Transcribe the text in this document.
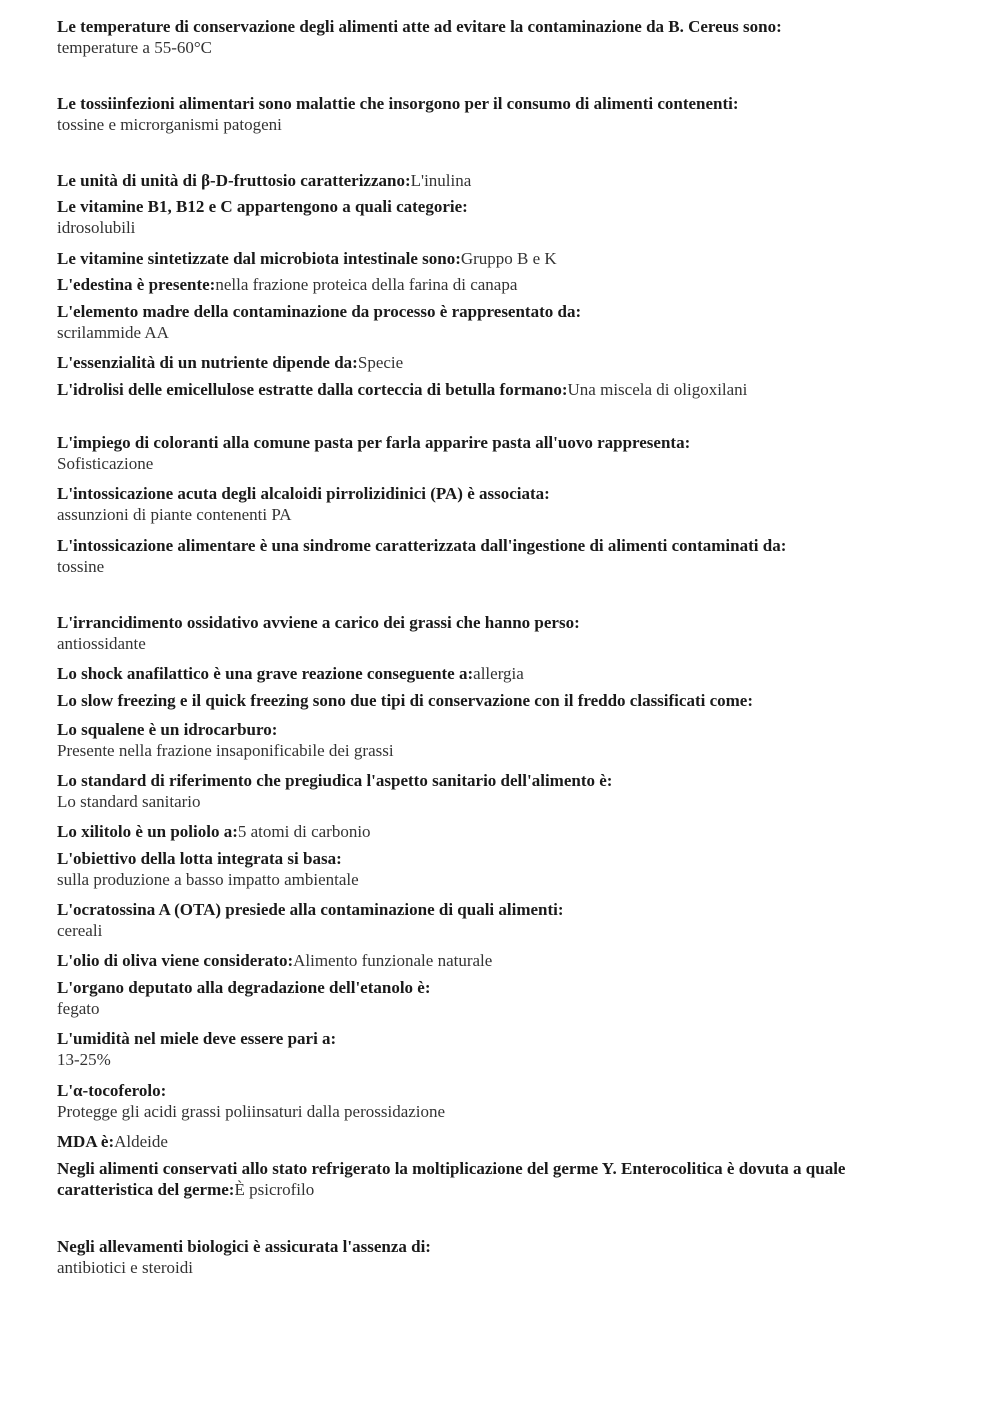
Le temperature di conservazione degli alimenti atte ad evitare la contaminazione da B. Cereus sono:
temperature a 55-60°C
Le tossiinfezioni alimentari sono malattie che insorgono per il consumo di alimenti contenenti:
tossine e microrganismi patogeni
Le unità di unità di β-D-fruttosio caratterizzano:L'inulina
Le vitamine B1, B12 e C appartengono a quali categorie:
idrosolubili
Le vitamine sintetizzate dal microbiota intestinale sono:Gruppo B e K
L'edestina è presente:nella frazione proteica della farina di canapa
L'elemento madre della contaminazione da processo è rappresentato da:
scrilammide AA
L'essenzialità di un nutriente dipende da:Specie
L'idrolisi delle emicellulose estratte dalla corteccia di betulla formano:Una miscela di oligoxilani
L'impiego di coloranti alla comune pasta per farla apparire pasta all'uovo rappresenta:
Sofisticazione
L'intossicazione acuta degli alcaloidi pirrolizidinici (PA) è associata:
assunzioni di piante contenenti PA
L'intossicazione alimentare è una sindrome caratterizzata dall'ingestione di alimenti contaminati da:
tossine
L'irrancidimento ossidativo avviene a carico dei grassi che hanno perso:
antiossidante
Lo shock anafilattico è una grave reazione conseguente a:allergia
Lo slow freezing e il quick freezing sono due tipi di conservazione con il freddo classificati come:
Lo squalene è un idrocarburo:
Presente nella frazione insaponificabile dei grassi
Lo standard di riferimento che pregiudica l'aspetto sanitario dell'alimento è:
Lo standard sanitario
Lo xilitolo è un poliolo a:5 atomi di carbonio
L'obiettivo della lotta integrata si basa:
sulla produzione a basso impatto ambientale
L'ocratossina A (OTA) presiede alla contaminazione di quali alimenti:
cereali
L'olio di oliva viene considerato:Alimento funzionale naturale
L'organo deputato alla degradazione dell'etanolo è:
fegato
L'umidità nel miele deve essere pari a:
13-25%
L'α-tocoferolo:
Protegge gli acidi grassi poliinsaturi dalla perossidazione
MDA è:Aldeide
Negli alimenti conservati allo stato refrigerato la moltiplicazione del germe Y. Enterocolitica è dovuta a quale caratteristica del germe:È psicrofilo
Negli allevamenti biologici è assicurata l'assenza di:
antibiotici e steroidi
